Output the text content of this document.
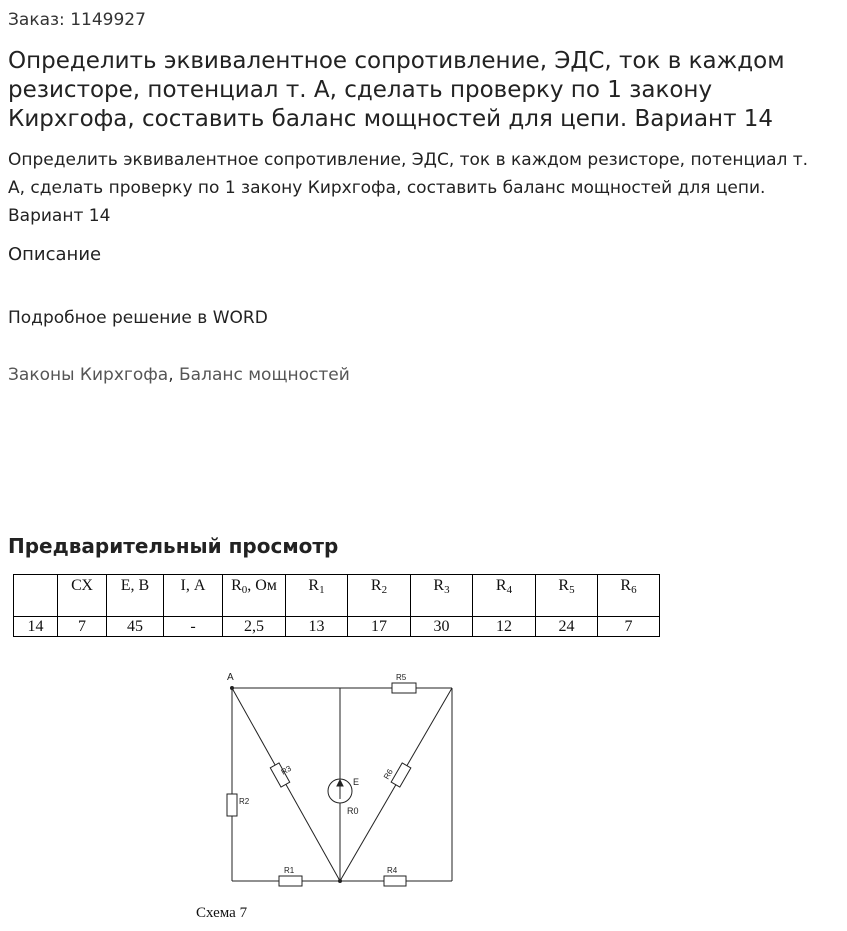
Заказ: 1149927
Определить эквивалентное сопротивление, ЭДС, ток в каждом резисторе, потенциал т. А, сделать проверку по 1 закону Кирхгофа, составить баланс мощностей для цепи. Вариант 14
Определить эквивалентное сопротивление, ЭДС, ток в каждом резисторе, потенциал т. А, сделать проверку по 1 закону Кирхгофа, составить баланс мощностей для цепи. Вариант 14
Описание
Подробное решение в WORD
Законы Кирхгофа, Баланс мощностей
Предварительный просмотр
	СХ	E, В	I, А	$R_0$, Ом	$R_1$	$R_2$	$R_3$	$R_4$	$R_5$	$R_6$
14	7	45	-	2,5	13	17	30	12	24	7
A
R2
R1	R4
R5
R3	R6
E
R0
Схема 7
